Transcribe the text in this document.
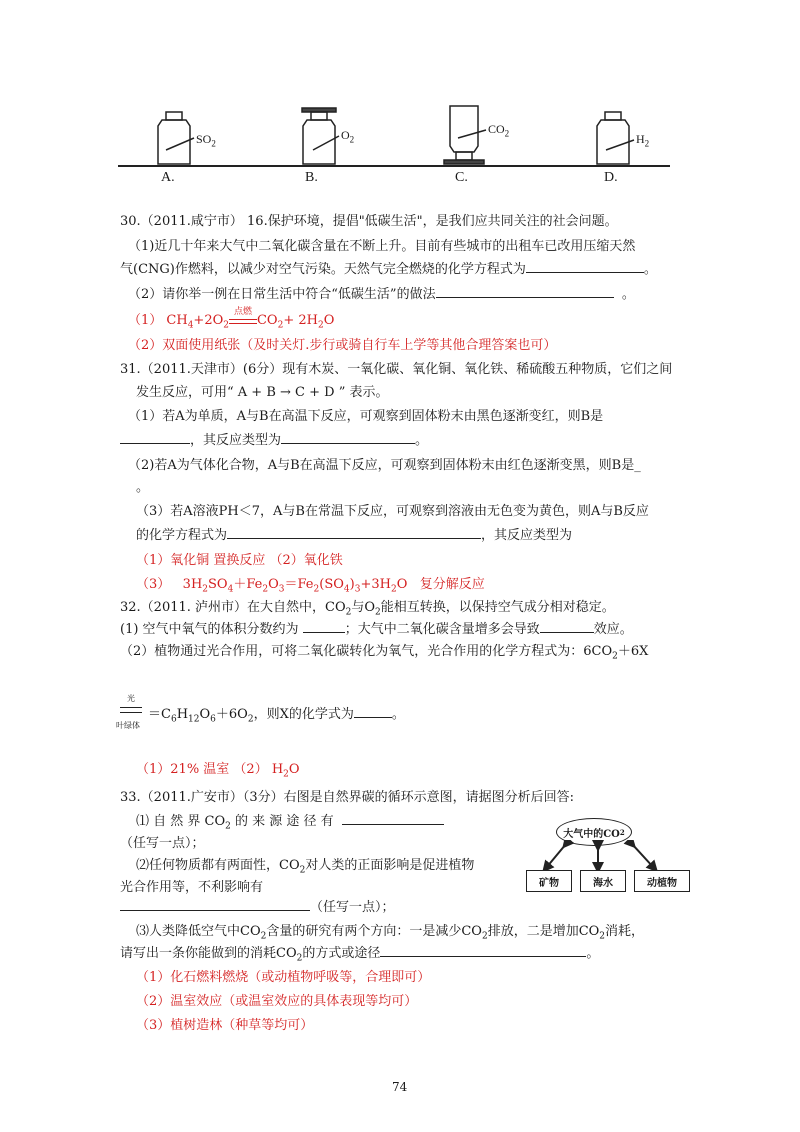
$SO_2$
$O_2$
$CO_2$	$H_2$
A.	B.	C.	D.
30.（2011.咸宁市） 16.保护环境，提倡"低碳生活"，是我们应共同关注的社会问题。
（1)近几十年来大气中二氧化碳含量在不断上升。目前有些城市的出租车已改用压缩天然
气(CNG)作燃料，以减少对空气污染。天然气完全燃烧的化学方程式为	。
（2）请你举一例在日常生活中符合“低碳生活”的做法	。
（1） $CH_4+2O_2$
点燃
$CO_2+ 2H_2O$
（2）双面使用纸张（及时关灯.步行或骑自行车上学等其他合理答案也可）
31.（2011.天津市）(6分）现有木炭、一氧化碳、氧化铜、氧化铁、稀硫酸五种物质，它们之间
发生反应，可用“ A + B → C + D ” 表示。
（1）若A为单质，A与B在高温下反应，可观察到固体粉末由黑色逐渐变红，则B是
，其反应类型为	。
（2)若A为气体化合物，A与B在高温下反应，可观察到固体粉末由红色逐渐变黑，则B是_
。
（3）若A溶液PH＜7，A与B在常温下反应，可观察到溶液由无色变为黄色，则A与B反应
的化学方程式为	，其反应类型为
（1）氧化铜 置换反应 （2）氧化铁
（3）   $3H_2SO_4+Fe_2O_3=Fe_2(SO_4)_3+3H_2O$   复分解反应
32.（2011. 泸州市）在大自然中，$CO_2$与$O_2$能相互转换，以保持空气成分相对稳定。
(1) 空气中氧气的体积分数约为	；大气中二氧化碳含量增多会导致	效应。
（2）植物通过光合作用，可将二氧化碳转化为氧气，光合作用的化学方程式为：$6CO_2+6X$
光
叶绿体
$=C_6H_{12}O_6+6O_2$，则X的化学式为	。
（1）21% 温室 （2） $H_2O$
33.（2011.广安市）（3分）右图是自然界碳的循环示意图，请据图分析后回答:
⑴ 自 然 界 $CO_2$ 的 来 源 途 径 有
（任写一点）；
⑵任何物质都有两面性，$CO_2$对人类的正面影响是促进植物
光合作用等，不利影响有
（任写一点）；
⑶人类降低空气中$CO_2$含量的研究有两个方向：一是减少$CO_2$排放，二是增加$CO_2$消耗，
请写出一条你能做到的消耗$CO_2$的方式或途径	。
（1）化石燃料燃烧（或动植物呼吸等，合理即可）
（2）温室效应（或温室效应的具体表现等均可）
（3）植树造林（种草等均可）
大气中的CO 2
矿物	海水	动植物
74
